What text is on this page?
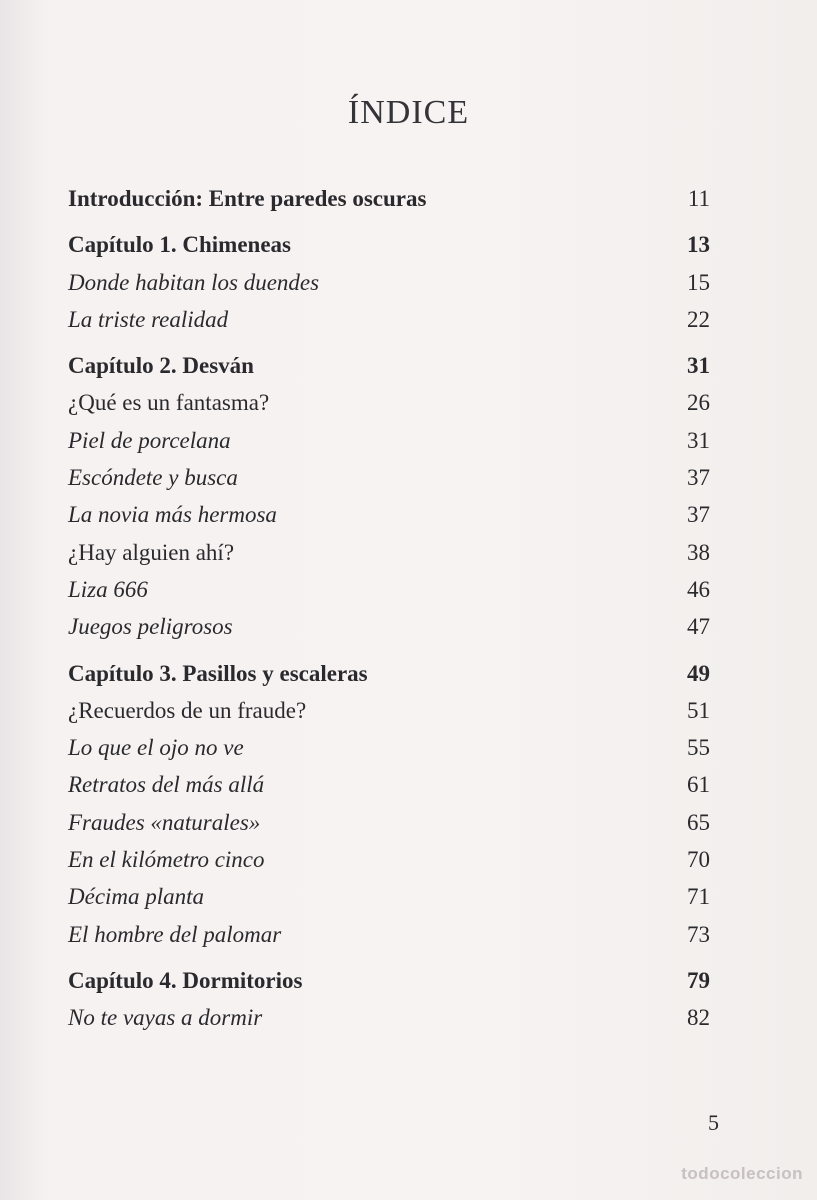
ÍNDICE
Introducción: Entre paredes oscuras	11
Capítulo 1. Chimeneas	13
Donde habitan los duendes	15
La triste realidad	22
Capítulo 2. Desván	31
¿Qué es un fantasma?	26
Piel de porcelana	31
Escóndete y busca	37
La novia más hermosa	37
¿Hay alguien ahí?	38
Liza 666	46
Juegos peligrosos	47
Capítulo 3. Pasillos y escaleras	49
¿Recuerdos de un fraude?	51
Lo que el ojo no ve	55
Retratos del más allá	61
Fraudes «naturales»	65
En el kilómetro cinco	70
Décima planta	71
El hombre del palomar	73
Capítulo 4. Dormitorios	79
No te vayas a dormir	82
5
todocoleccion
